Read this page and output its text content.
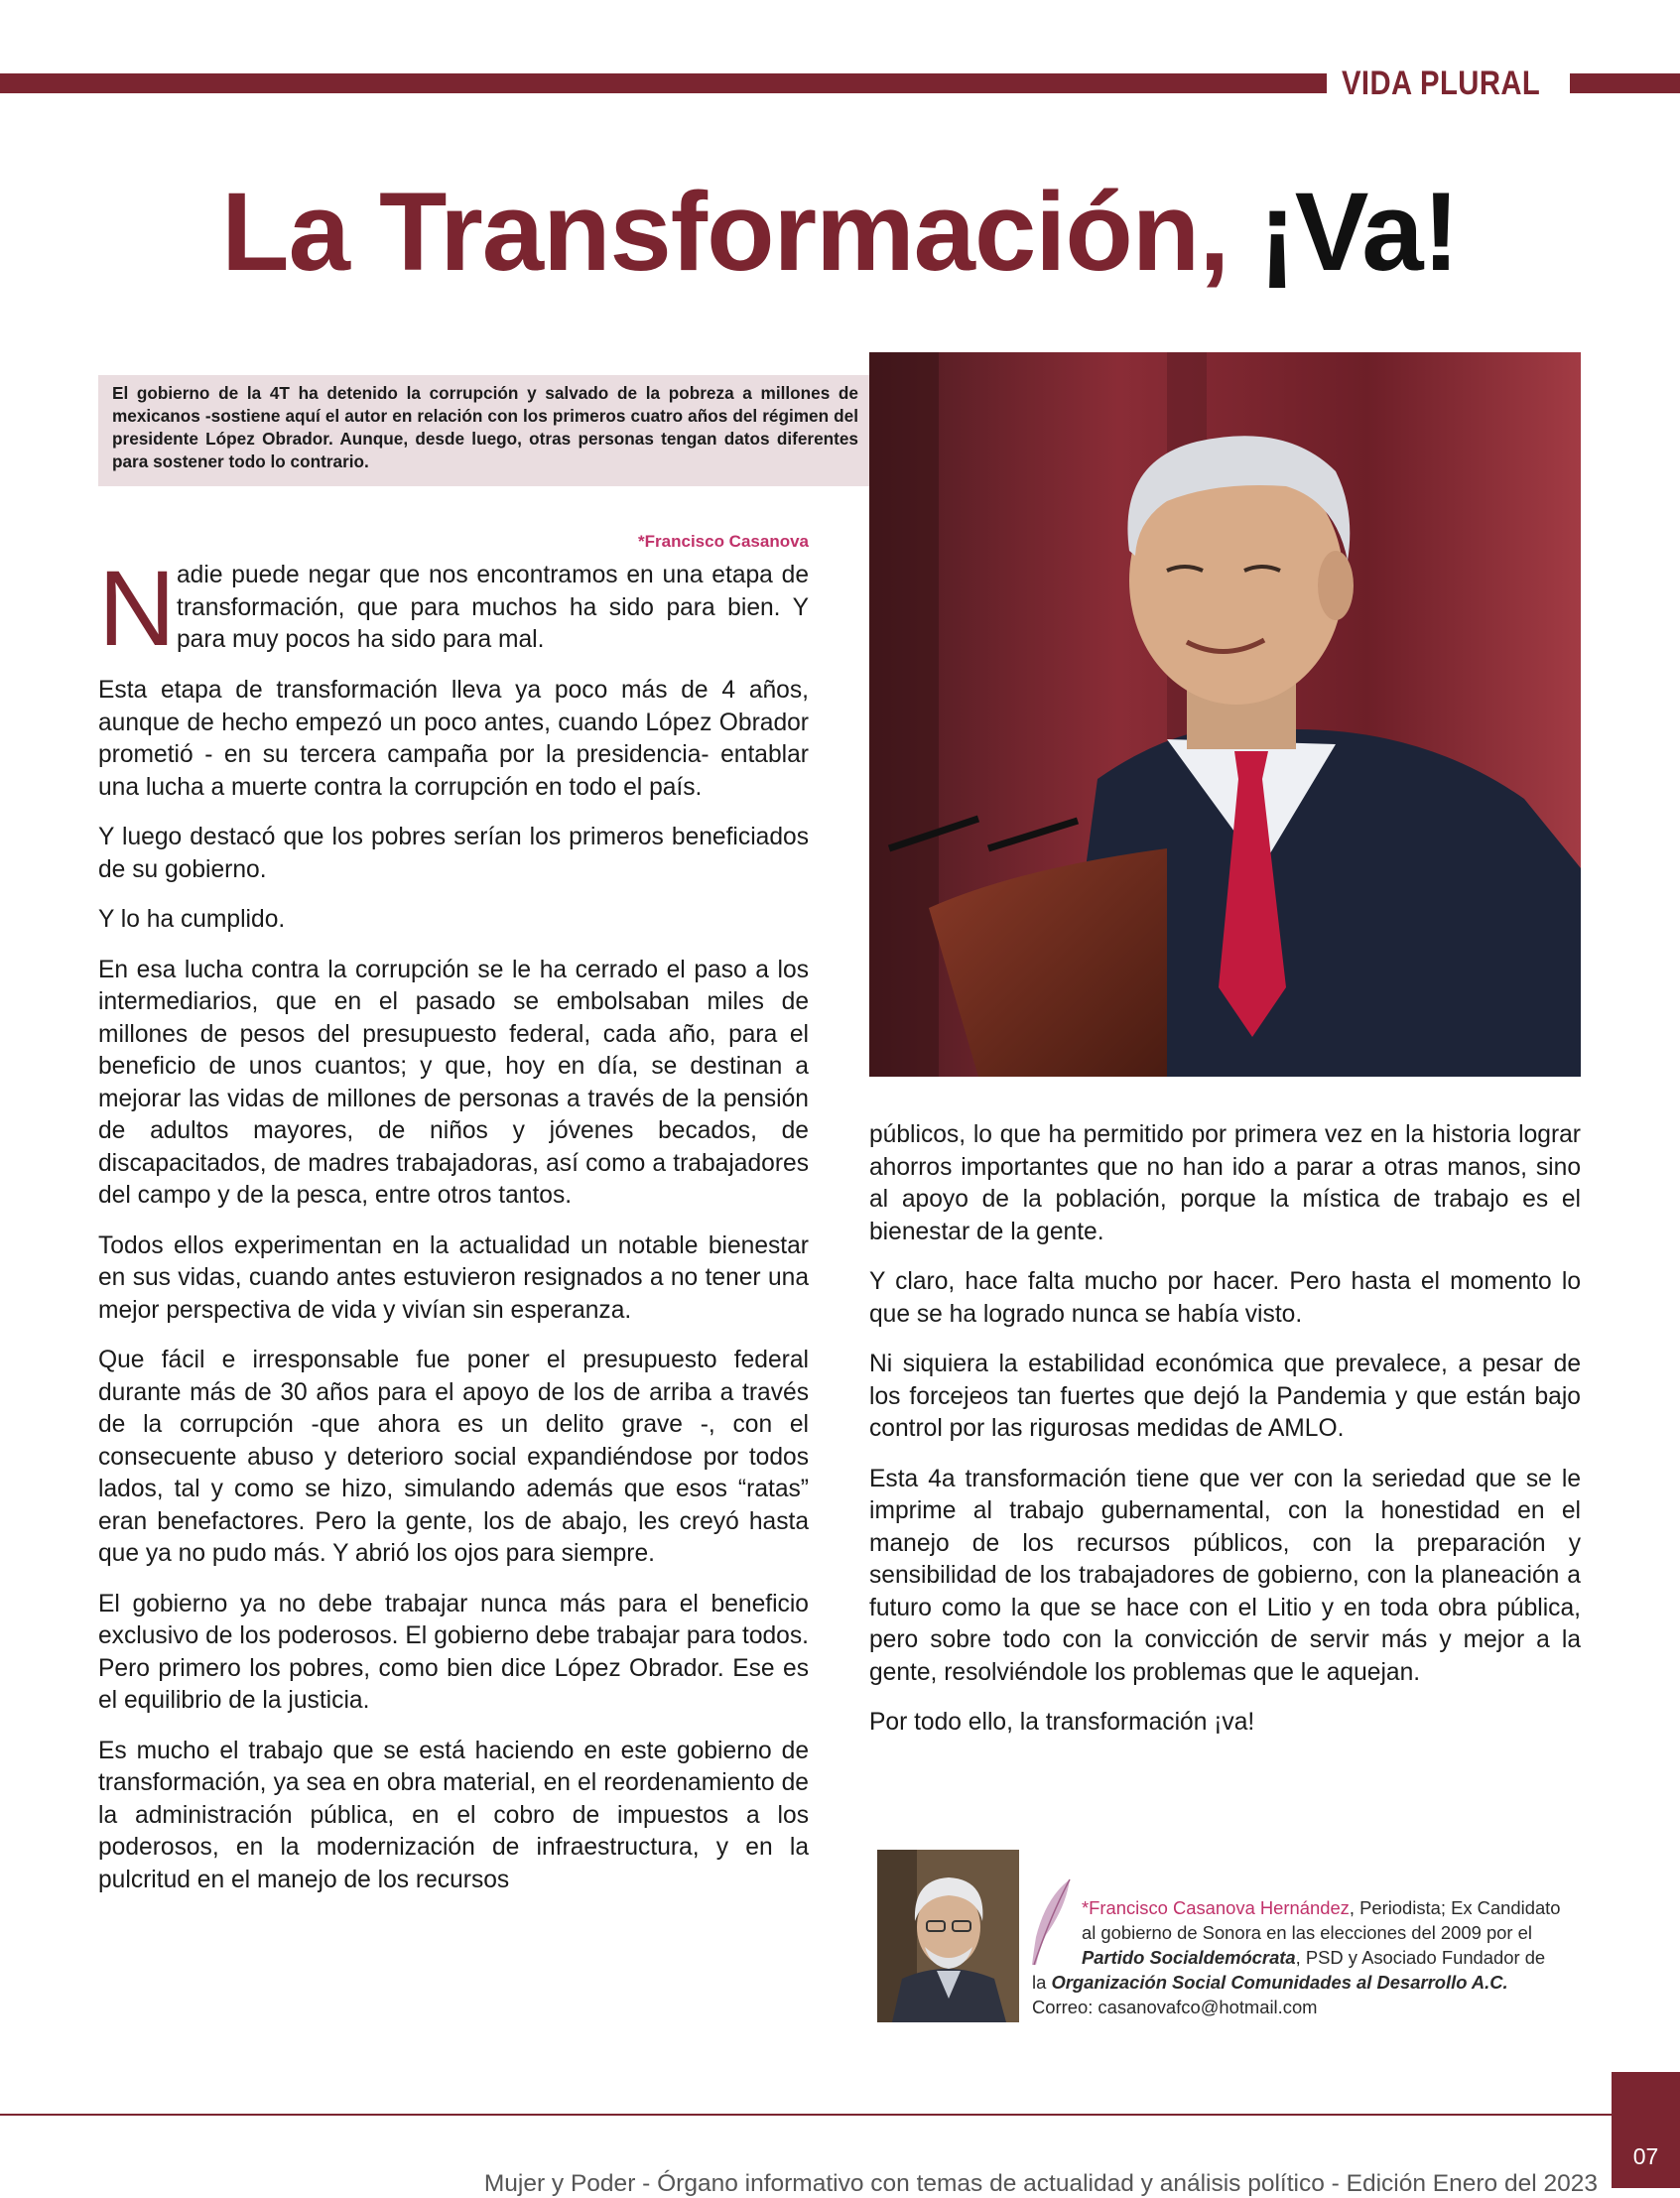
VIDA PLURAL
La Transformación, ¡Va!

El gobierno de la 4T ha detenido la corrupción y salvado de la pobreza a millones de mexicanos -sostiene aquí el autor en relación con los primeros cuatro años del régimen del presidente López Obrador. Aunque, desde luego, otras personas tengan datos diferentes para sostener todo lo contrario.

*Francisco Casanova
N adie puede negar que nos encontramos en una etapa de transformación, que para muchos ha sido para bien. Y para muy pocos ha sido para mal.

Esta etapa de transformación lleva ya poco más de 4 años, aunque de hecho empezó un poco antes, cuando López Obrador prometió - en su tercera campaña por la presidencia- entablar una lucha a muerte contra la corrupción en todo el país.

Y luego destacó que los pobres serían los primeros beneficiados de su gobierno.

Y lo ha cumplido.

En esa lucha contra la corrupción se le ha cerrado el paso a los intermediarios, que en el pasado se embolsaban miles de millones de pesos del presupuesto federal, cada año, para el beneficio de unos cuantos; y que, hoy en día, se destinan a mejorar las vidas de millones de personas a través de la pensión de adultos mayores, de niños y jóvenes becados, de discapacitados, de madres trabajadoras, así como a trabajadores del campo y de la pesca, entre otros tantos.

Todos ellos experimentan en la actualidad un notable bienestar en sus vidas, cuando antes estuvieron resignados a no tener una mejor perspectiva de vida y vivían sin esperanza.

Que fácil e irresponsable fue poner el presupuesto federal durante más de 30 años para el apoyo de los de arriba a través de la corrupción -que ahora es un delito grave -, con el consecuente abuso y deterioro social expandiéndose por todos lados, tal y como se hizo, simulando además que esos “ratas” eran benefactores. Pero la gente, los de abajo, les creyó hasta que ya no pudo más. Y abrió los ojos para siempre.

El gobierno ya no debe trabajar nunca más para el beneficio exclusivo de los poderosos. El gobierno debe trabajar para todos. Pero primero los pobres, como bien dice López Obrador. Ese es el equilibrio de la justicia.

Es mucho el trabajo que se está haciendo en este gobierno de transformación, ya sea en obra material, en el reordenamiento de la administración pública, en el cobro de impuestos a los poderosos, en la modernización de infraestructura, y en la pulcritud en el manejo de los recursos

públicos, lo que ha permitido por primera vez en la historia lograr ahorros importantes que no han ido a parar a otras manos, sino al apoyo de la población, porque la mística de trabajo es el bienestar de la gente.

Y claro, hace falta mucho por hacer. Pero hasta el momento lo que se ha logrado nunca se había visto.

Ni siquiera la estabilidad económica que prevalece, a pesar de los forcejeos tan fuertes que dejó la Pandemia y que están bajo control por las rigurosas medidas de AMLO.

Esta 4a transformación tiene que ver con la seriedad que se le imprime al trabajo gubernamental, con la honestidad en el manejo de los recursos públicos, con la preparación y sensibilidad de los trabajadores de gobierno, con la planeación a futuro como la que se hace con el Litio y en toda obra pública, pero sobre todo con la convicción de servir más y mejor a la gente, resolviéndole los problemas que le aquejan.

Por todo ello, la transformación ¡va!

*Francisco Casanova Hernández, Periodista; Ex Candidato
al gobierno de Sonora en las elecciones del 2009 por el
Partido Socialdemócrata, PSD y Asociado Fundador de
la Organización Social Comunidades al Desarrollo A.C.
Correo: casanovafco@hotmail.com
Mujer y Poder - Órgano informativo con temas de actualidad y análisis político - Edición Enero del 2023
07
